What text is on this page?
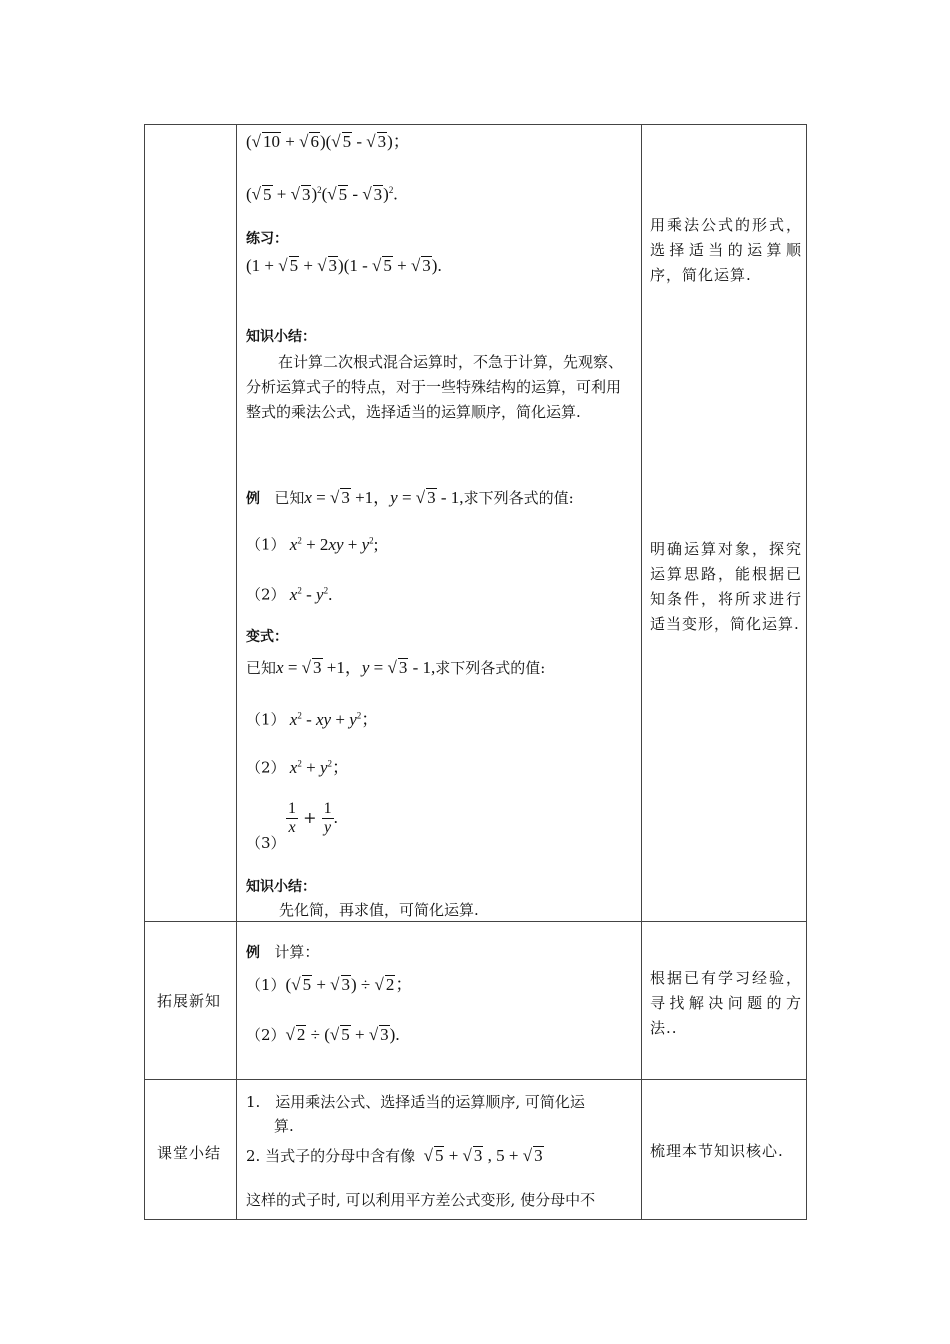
(√ 10 + √ 6)(√ 5 - √ 3)；
(√ 5 + √ 3)$^2$(√ 5 - √ 3)$^2$.
练习：
(1 + √ 5 + √ 3)(1 - √ 5 + √ 3).
知识小结：
在计算二次根式混合运算时，不急于计算，先观察、分析运算式子的特点，对于一些特殊结构的运算，可利用整式的乘法公式，选择适当的运算顺序，简化运算.
用乘法公式的形式，选择适当的运算顺序，简化运算.
例 已知x = √ 3 +1，y = √ 3 - 1,求下列各式的值:
（1） $x^2 + 2xy + y^2$;
（2） $x^2 - y^2$.
变式：
已知x = √ 3 +1，y = √ 3 - 1,求下列各式的值:
（1） $x^2$ - xy + $y^2$；
（2） $x^2 + y^2$；
（3）
$\frac{1}{x} + \frac{1}{y}$ .
知识小结：
先化简，再求值，可简化运算.
明确运算对象，探究运算思路，能根据已知条件，将所求进行适当变形，简化运算.
拓展新知
例 计算：
（1）(√ 5 + √ 3) ÷ √ 2；
（2）√ 2 ÷ (√ 5 + √ 3).
根据已有学习经验，寻找解决问题的方法..
课堂小结
1.　运用乘法公式、选择适当的运算顺序, 可简化运
算.
2. 当式子的分母中含有像 √ 5 + √ 3 , 5 + √ 3
这样的式子时, 可以利用平方差公式变形, 使分母中不
梳理本节知识核心.
